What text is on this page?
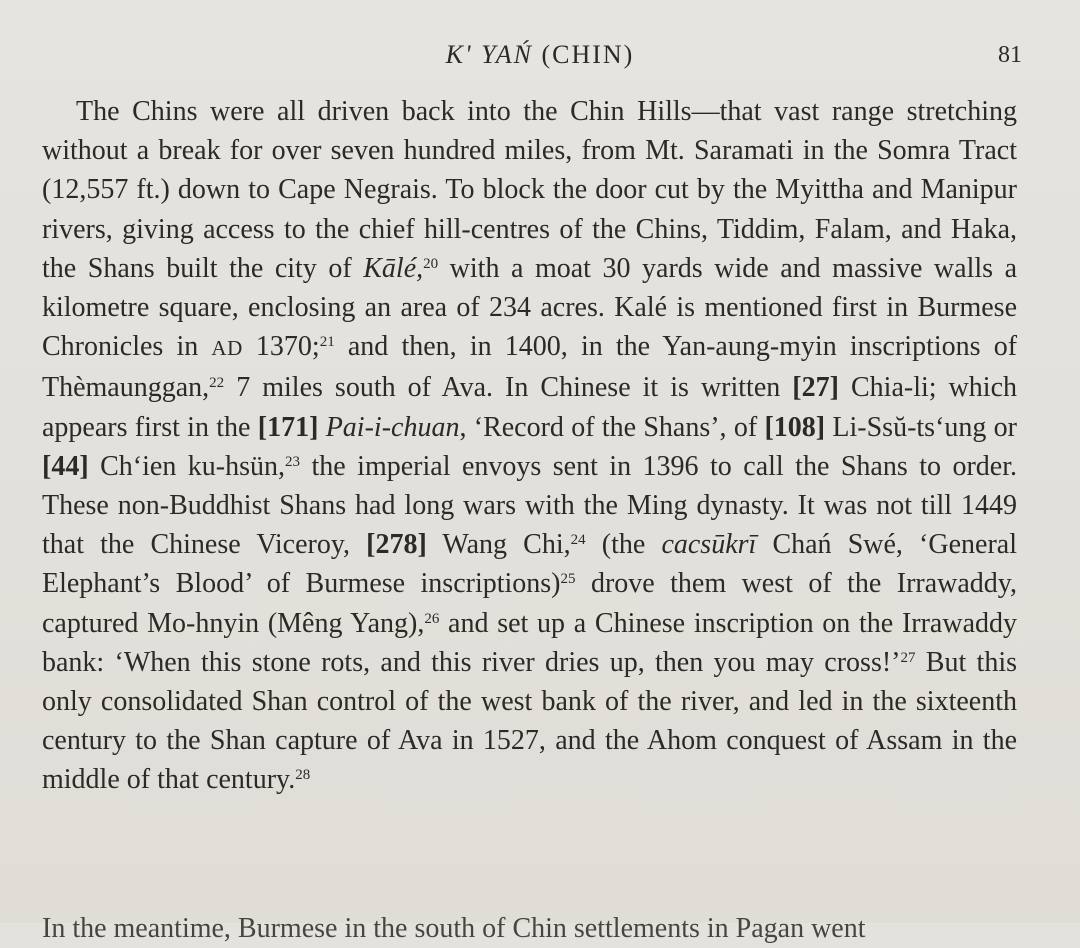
K' YAŃ (CHIN)	81

The Chins were all driven back into the Chin Hills—that vast range stretching without a break for over seven hundred miles, from Mt. Saramati in the Somra Tract (12,557 ft.) down to Cape Negrais. To block the door cut by the Myittha and Manipur rivers, giving access to the chief hill-centres of the Chins, Tiddim, Falam, and Haka, the Shans built the city of Kālé,$^{20}$ with a moat 30 yards wide and massive walls a kilometre square, enclosing an area of 234 acres. Kalé is mentioned first in Burmese Chronicles in AD 1370;$^{21}$ and then, in 1400, in the Yan-aung-myin inscriptions of Thèmaunggan,$^{22}$ 7 miles south of Ava. In Chinese it is written [27] Chia-li; which appears first in the [171] Pai-i-chuan, ‘Record of the Shans’, of [108] Li-Ssŭ-ts‘ung or [44] Ch‘ien ku-hsün,$^{23}$ the imperial envoys sent in 1396 to call the Shans to order. These non-Buddhist Shans had long wars with the Ming dynasty. It was not till 1449 that the Chinese Viceroy, [278] Wang Chi,$^{24}$ (the cacsūkrī Chań Swé, ‘General Elephant’s Blood’ of Burmese inscriptions)$^{25}$ drove them west of the Irrawaddy, captured Mo-hnyin (Mêng Yang),$^{26}$ and set up a Chinese inscription on the Irrawaddy bank: ‘When this stone rots, and this river dries up, then you may cross!’$^{27}$ But this only consolidated Shan control of the west bank of the river, and led in the sixteenth century to the Shan capture of Ava in 1527, and the Ahom conquest of Assam in the middle of that century.$^{28}$

In the meantime, Burmese in the south of Chin settlements in Pagan went
